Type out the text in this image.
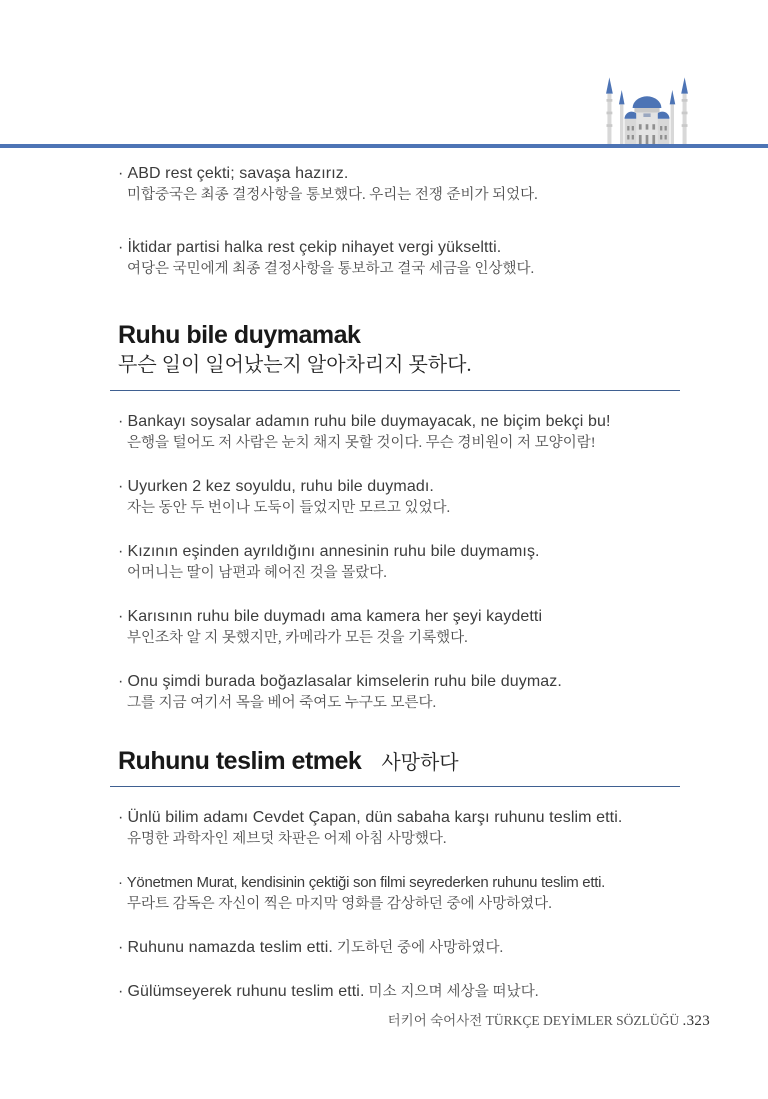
· ABD rest çekti; savaşa hazırız.
미합중국은 최종 결정사항을 통보했다. 우리는 전쟁 준비가 되었다.
· İktidar partisi halka rest çekip nihayet vergi yükseltti.
여당은 국민에게 최종 결정사항을 통보하고 결국 세금을 인상했다.
Ruhu bile duymamak
무슨 일이 일어났는지 알아차리지 못하다.
· Bankayı soysalar adamın ruhu bile duymayacak, ne biçim bekçi bu!
은행을 털어도 저 사람은 눈치 채지 못할 것이다. 무슨 경비원이 저 모양이람!
· Uyurken 2 kez soyuldu, ruhu bile duymadı.
자는 동안 두 번이나 도둑이 들었지만 모르고 있었다.
· Kızının eşinden ayrıldığını annesinin ruhu bile duymamış.
어머니는 딸이 남편과 헤어진 것을 몰랐다.
· Karısının ruhu bile duymadı ama kamera her şeyi kaydetti
부인조차 알 지 못했지만, 카메라가 모든 것을 기록했다.
· Onu şimdi burada boğazlasalar kimselerin ruhu bile duymaz.
그를 지금 여기서 목을 베어 죽여도 누구도 모른다.
Ruhunu teslim etmek 사망하다
· Ünlü bilim adamı Cevdet Çapan, dün sabaha karşı ruhunu teslim etti.
유명한 과학자인 제브덧 차판은 어제 아침 사망했다.
· Yönetmen Murat, kendisinin çektiği son filmi seyrederken ruhunu teslim etti.
무라트 감독은 자신이 찍은 마지막 영화를 감상하던 중에 사망하였다.
· Ruhunu namazda teslim etti. 기도하던 중에 사망하였다.
· Gülümseyerek ruhunu teslim etti. 미소 지으며 세상을 떠났다.
터키어 숙어사전 TÜRKÇE DEYİMLER SÖZLÜĞÜ .323
